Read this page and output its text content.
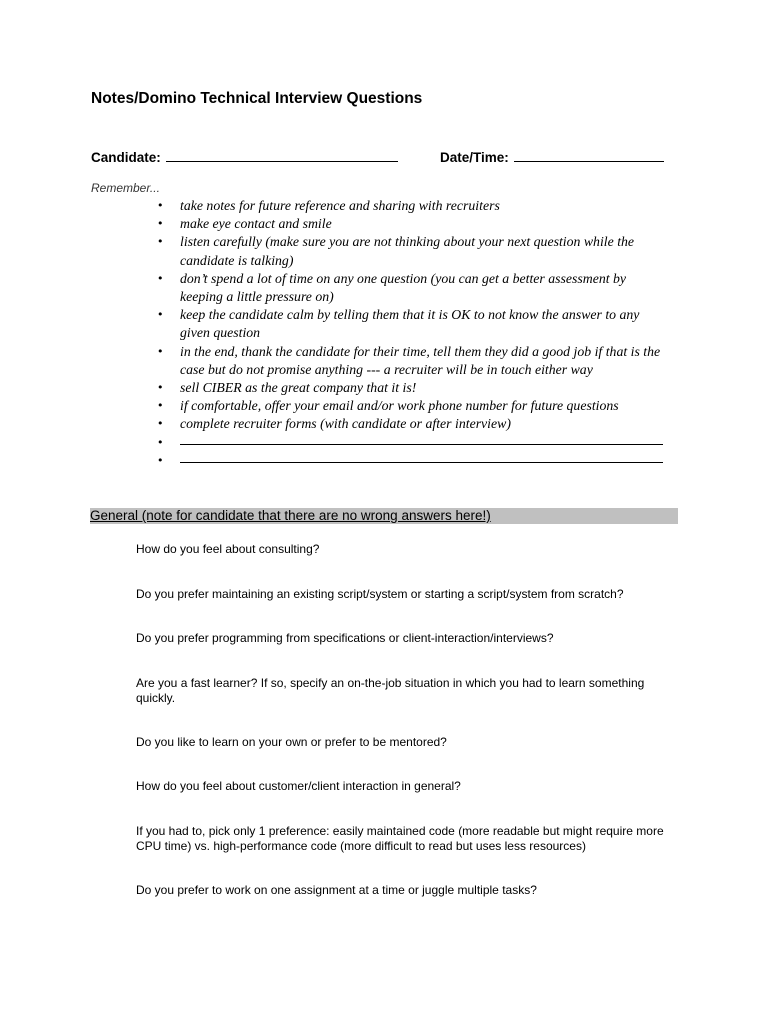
Notes/Domino Technical Interview Questions
Candidate:	Date/Time:
Remember...
• take notes for future reference and sharing with recruiters
• make eye contact and smile
• listen carefully (make sure you are not thinking about your next question while the candidate is talking)
• don’t spend a lot of time on any one question (you can get a better assessment by keeping a little pressure on)
• keep the candidate calm by telling them that it is OK to not know the answer to any given question
• in the end, thank the candidate for their time, tell them they did a good job if that is the case but do not promise anything --- a recruiter will be in touch either way
• sell CIBER as the great company that it is!
• if comfortable, offer your email and/or work phone number for future questions
• complete recruiter forms (with candidate or after interview)
•
•
General (note for candidate that there are no wrong answers here!)
How do you feel about consulting?
Do you prefer maintaining an existing script/system or starting a script/system from scratch?
Do you prefer programming from specifications or client-interaction/interviews?
Are you a fast learner? If so, specify an on-the-job situation in which you had to learn something quickly.
Do you like to learn on your own or prefer to be mentored?
How do you feel about customer/client interaction in general?
If you had to, pick only 1 preference: easily maintained code (more readable but might require more CPU time) vs. high-performance code (more difficult to read but uses less resources)
Do you prefer to work on one assignment at a time or juggle multiple tasks?
